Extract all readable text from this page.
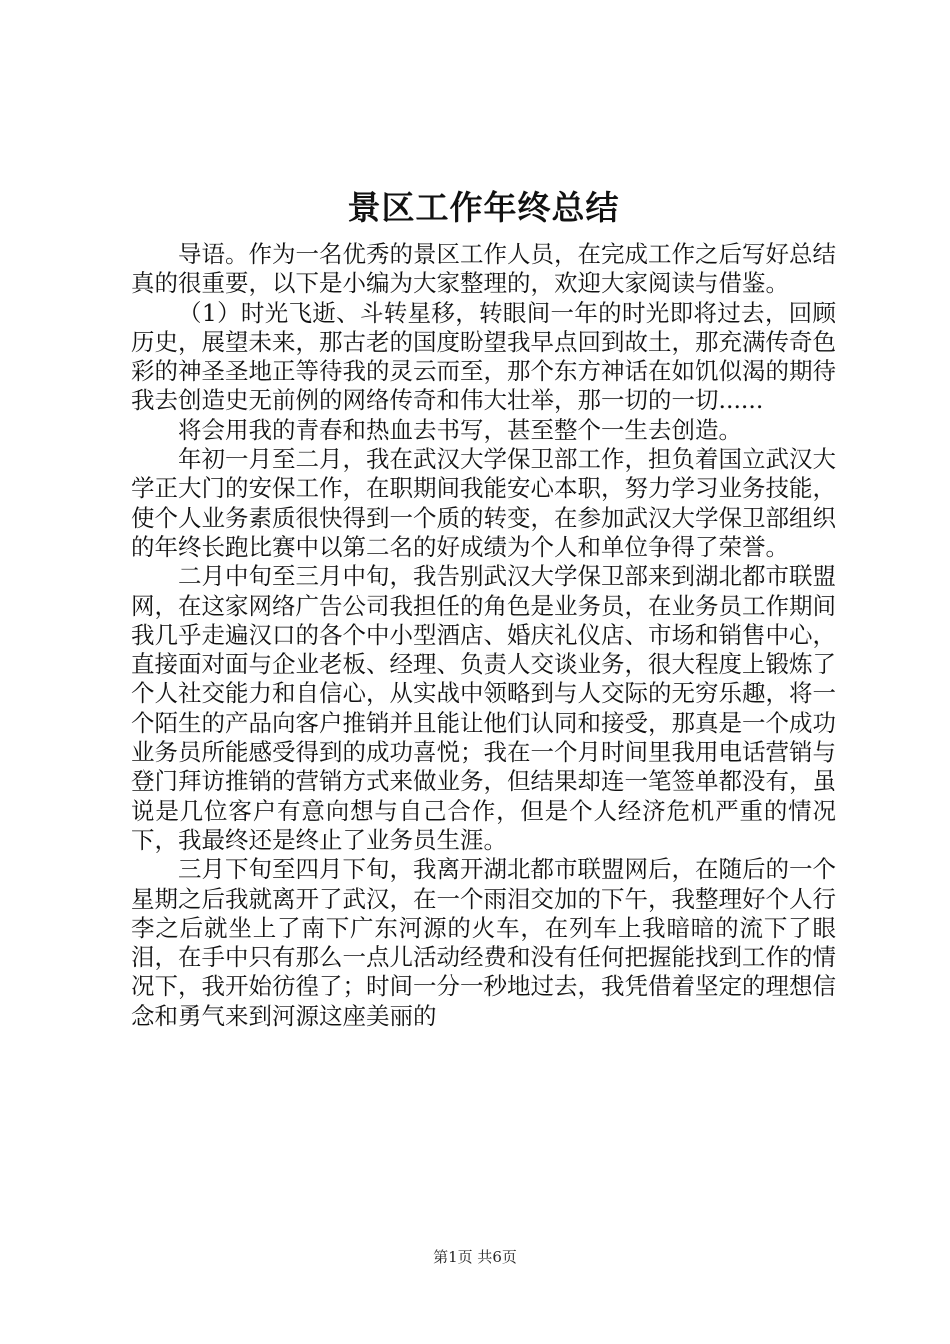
景区工作年终总结

导语。作为一名优秀的景区工作人员，在完成工作之后写好总结真的很重要，以下是小编为大家整理的，欢迎大家阅读与借鉴。

（1）时光飞逝、斗转星移，转眼间一年的时光即将过去，回顾历史，展望未来，那古老的国度盼望我早点回到故土，那充满传奇色彩的神圣圣地正等待我的灵云而至，那个东方神话在如饥似渴的期待我去创造史无前例的网络传奇和伟大壮举，那一切的一切......

将会用我的青春和热血去书写，甚至整个一生去创造。

年初一月至二月，我在武汉大学保卫部工作，担负着国立武汉大学正大门的安保工作，在职期间我能安心本职，努力学习业务技能，使个人业务素质很快得到一个质的转变，在参加武汉大学保卫部组织的年终长跑比赛中以第二名的好成绩为个人和单位争得了荣誉。

二月中旬至三月中旬，我告别武汉大学保卫部来到湖北都市联盟网，在这家网络广告公司我担任的角色是业务员，在业务员工作期间我几乎走遍汉口的各个中小型酒店、婚庆礼仪店、市场和销售中心，直接面对面与企业老板、经理、负责人交谈业务，很大程度上锻炼了个人社交能力和自信心，从实战中领略到与人交际的无穷乐趣，将一个陌生的产品向客户推销并且能让他们认同和接受，那真是一个成功业务员所能感受得到的成功喜悦；我在一个月时间里我用电话营销与登门拜访推销的营销方式来做业务，但结果却连一笔签单都没有，虽说是几位客户有意向想与自己合作，但是个人经济危机严重的情况下，我最终还是终止了业务员生涯。

三月下旬至四月下旬，我离开湖北都市联盟网后，在随后的一个星期之后我就离开了武汉，在一个雨泪交加的下午，我整理好个人行李之后就坐上了南下广东河源的火车，在列车上我暗暗的流下了眼泪，在手中只有那么一点儿活动经费和没有任何把握能找到工作的情况下，我开始彷徨了；时间一分一秒地过去，我凭借着坚定的理想信念和勇气来到河源这座美丽的

第1页 共6页
